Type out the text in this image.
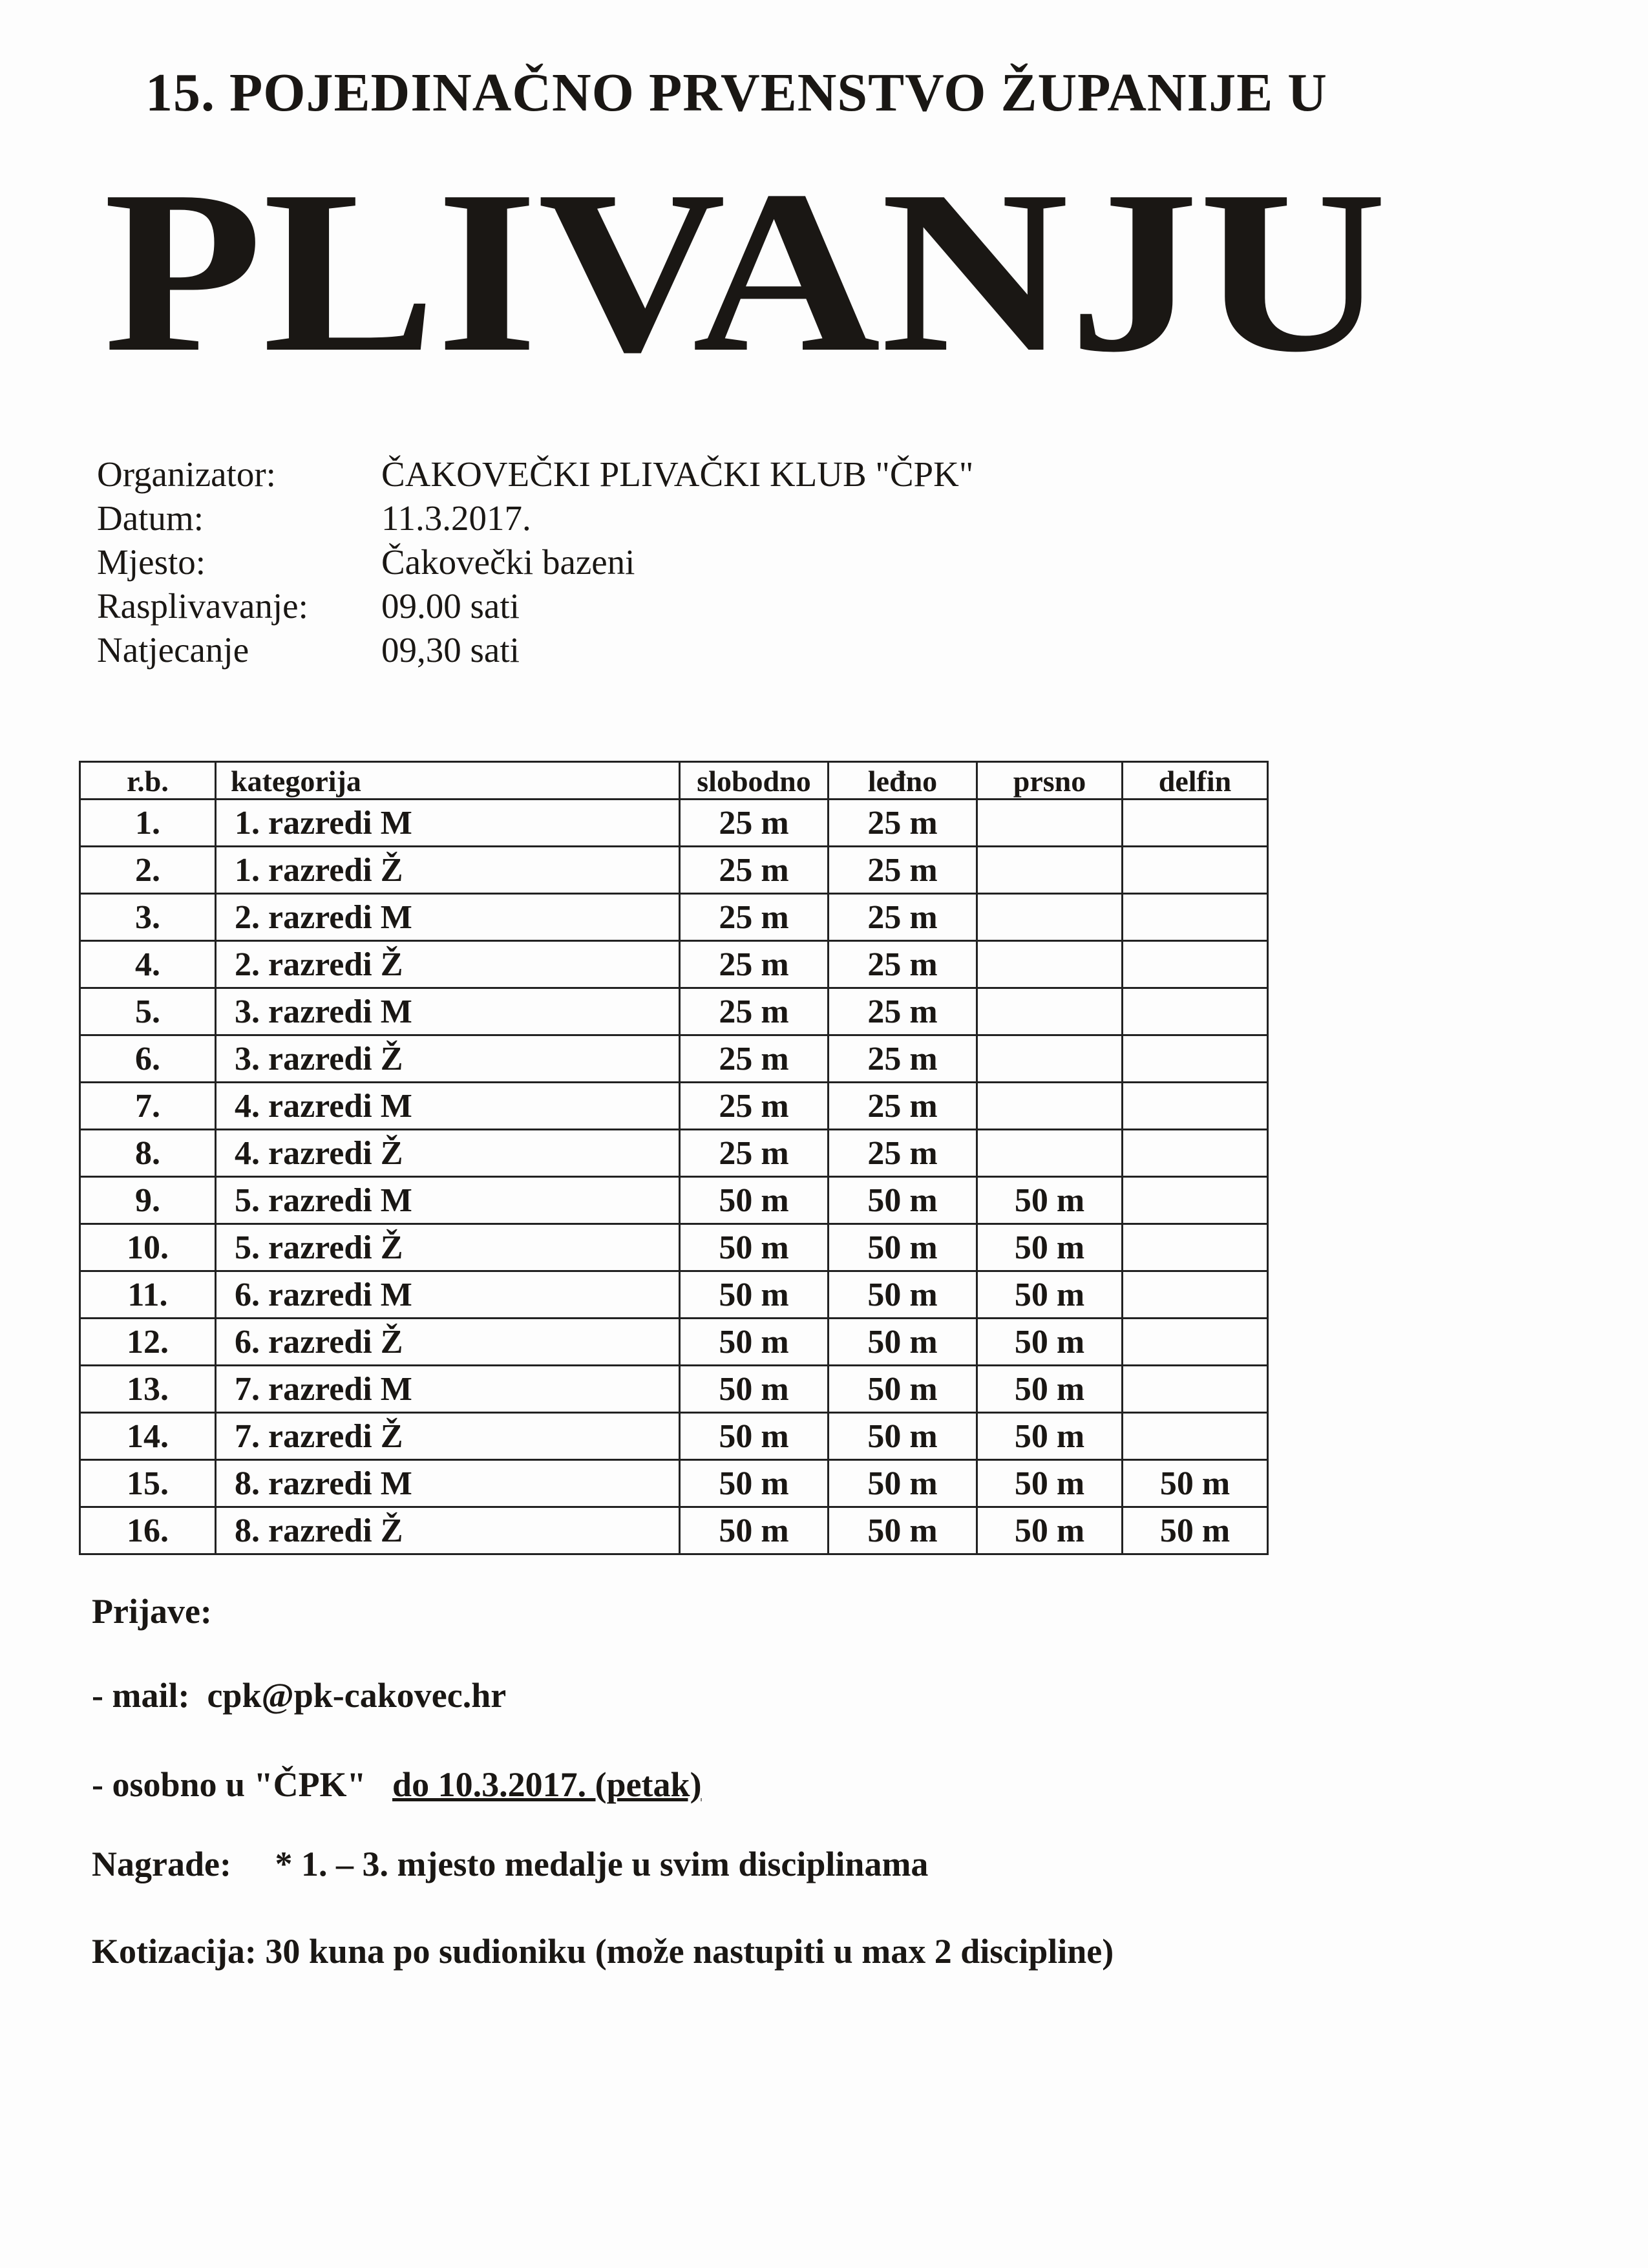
15. POJEDINAČNO PRVENSTVO ŽUPANIJE U
PLIVANJU
Organizator:	ČAKOVEČKI PLIVAČKI KLUB "ČPK"
Datum:	11.3.2017.
Mjesto:	Čakovečki bazeni
Rasplivavanje: 09.00 sati
Natjecanje	09,30 sati
r.b.	kategorija	slobodno	leđno	prsno	delfin
1.	1. razredi M	25 m	25 m		
2.	1. razredi Ž	25 m	25 m		
3.	2. razredi M	25 m	25 m		
4.	2. razredi Ž	25 m	25 m		
5.	3. razredi M	25 m	25 m		
6.	3. razredi Ž	25 m	25 m		
7.	4. razredi M	25 m	25 m		
8.	4. razredi Ž	25 m	25 m		
9.	5. razredi M	50 m	50 m	50 m	
10.	5. razredi Ž	50 m	50 m	50 m	
11.	6. razredi M	50 m	50 m	50 m	
12.	6. razredi Ž	50 m	50 m	50 m	
13.	7. razredi M	50 m	50 m	50 m	
14.	7. razredi Ž	50 m	50 m	50 m	
15.	8. razredi M	50 m	50 m	50 m	50 m
16.	8. razredi Ž	50 m	50 m	50 m	50 m
Prijave:
- mail: cpk@pk-cakovec.hr
- osobno u "ČPK" do 10.3.2017. (petak)
Nagrade: * 1. – 3. mjesto medalje u svim disciplinama
Kotizacija: 30 kuna po sudioniku (može nastupiti u max 2 discipline)
